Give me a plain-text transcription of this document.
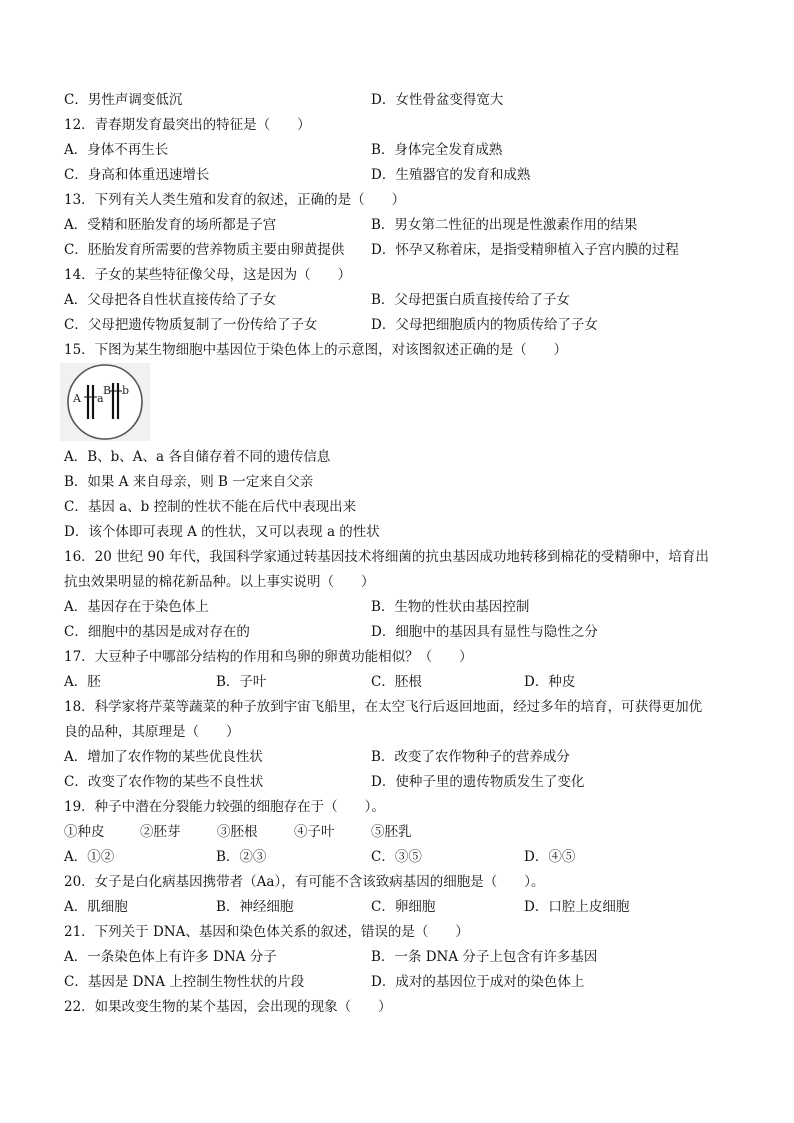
C．男性声调变低沉	D．女性骨盆变得宽大
12．青春期发育最突出的特征是（　　）
A．身体不再生长	B．身体完全发育成熟
C．身高和体重迅速增长	D．生殖器官的发育和成熟
13．下列有关人类生殖和发育的叙述，正确的是（　　）
A．受精和胚胎发育的场所都是子宫	B．男女第二性征的出现是性激素作用的结果
C．胚胎发育所需要的营养物质主要由卵黄提供 D．怀孕又称着床，是指受精卵植入子宫内膜的过程
14．子女的某些特征像父母，这是因为（　　）
A．父母把各自性状直接传给了子女	B．父母把蛋白质直接传给了子女
C．父母把遗传物质复制了一份传给了子女	D．父母把细胞质内的物质传给了子女
15．下图为某生物细胞中基因位于染色体上的示意图，对该图叙述正确的是（　　）
A a
B b
A．B、b、A、a 各自储存着不同的遗传信息
B．如果 A 来自母亲，则 B 一定来自父亲
C．基因 a、b 控制的性状不能在后代中表现出来
D．该个体即可表现 A 的性状，又可以表现 a 的性状
16．20 世纪 90 年代，我国科学家通过转基因技术将细菌的抗虫基因成功地转移到棉花的受精卵中，培育出
抗虫效果明显的棉花新品种。以上事实说明（　　）
A．基因存在于染色体上	B．生物的性状由基因控制
C．细胞中的基因是成对存在的	D．细胞中的基因具有显性与隐性之分
17．大豆种子中哪部分结构的作用和鸟卵的卵黄功能相似？（　　）
A．胚	B．子叶	C．胚根	D．种皮
18．科学家将芹菜等蔬菜的种子放到宇宙飞船里，在太空飞行后返回地面，经过多年的培育，可获得更加优
良的品种，其原理是（　　）
A．增加了农作物的某些优良性状	B．改变了农作物种子的营养成分
C．改变了农作物的某些不良性状	D．使种子里的遗传物质发生了变化
19．种子中潜在分裂能力较强的细胞存在于（　　）。
①种皮	②胚芽	③胚根	④子叶	⑤胚乳
A．①②	B．②③	C．③⑤	D．④⑤
20．女子是白化病基因携带者（Aa），有可能不含该致病基因的细胞是（　　）。
A．肌细胞	B．神经细胞	C．卵细胞	D．口腔上皮细胞
21．下列关于 DNA、基因和染色体关系的叙述，错误的是（　　）
A．一条染色体上有许多 DNA 分子	B．一条 DNA 分子上包含有许多基因
C．基因是 DNA 上控制生物性状的片段	D．成对的基因位于成对的染色体上
22．如果改变生物的某个基因，会出现的现象（　　）
